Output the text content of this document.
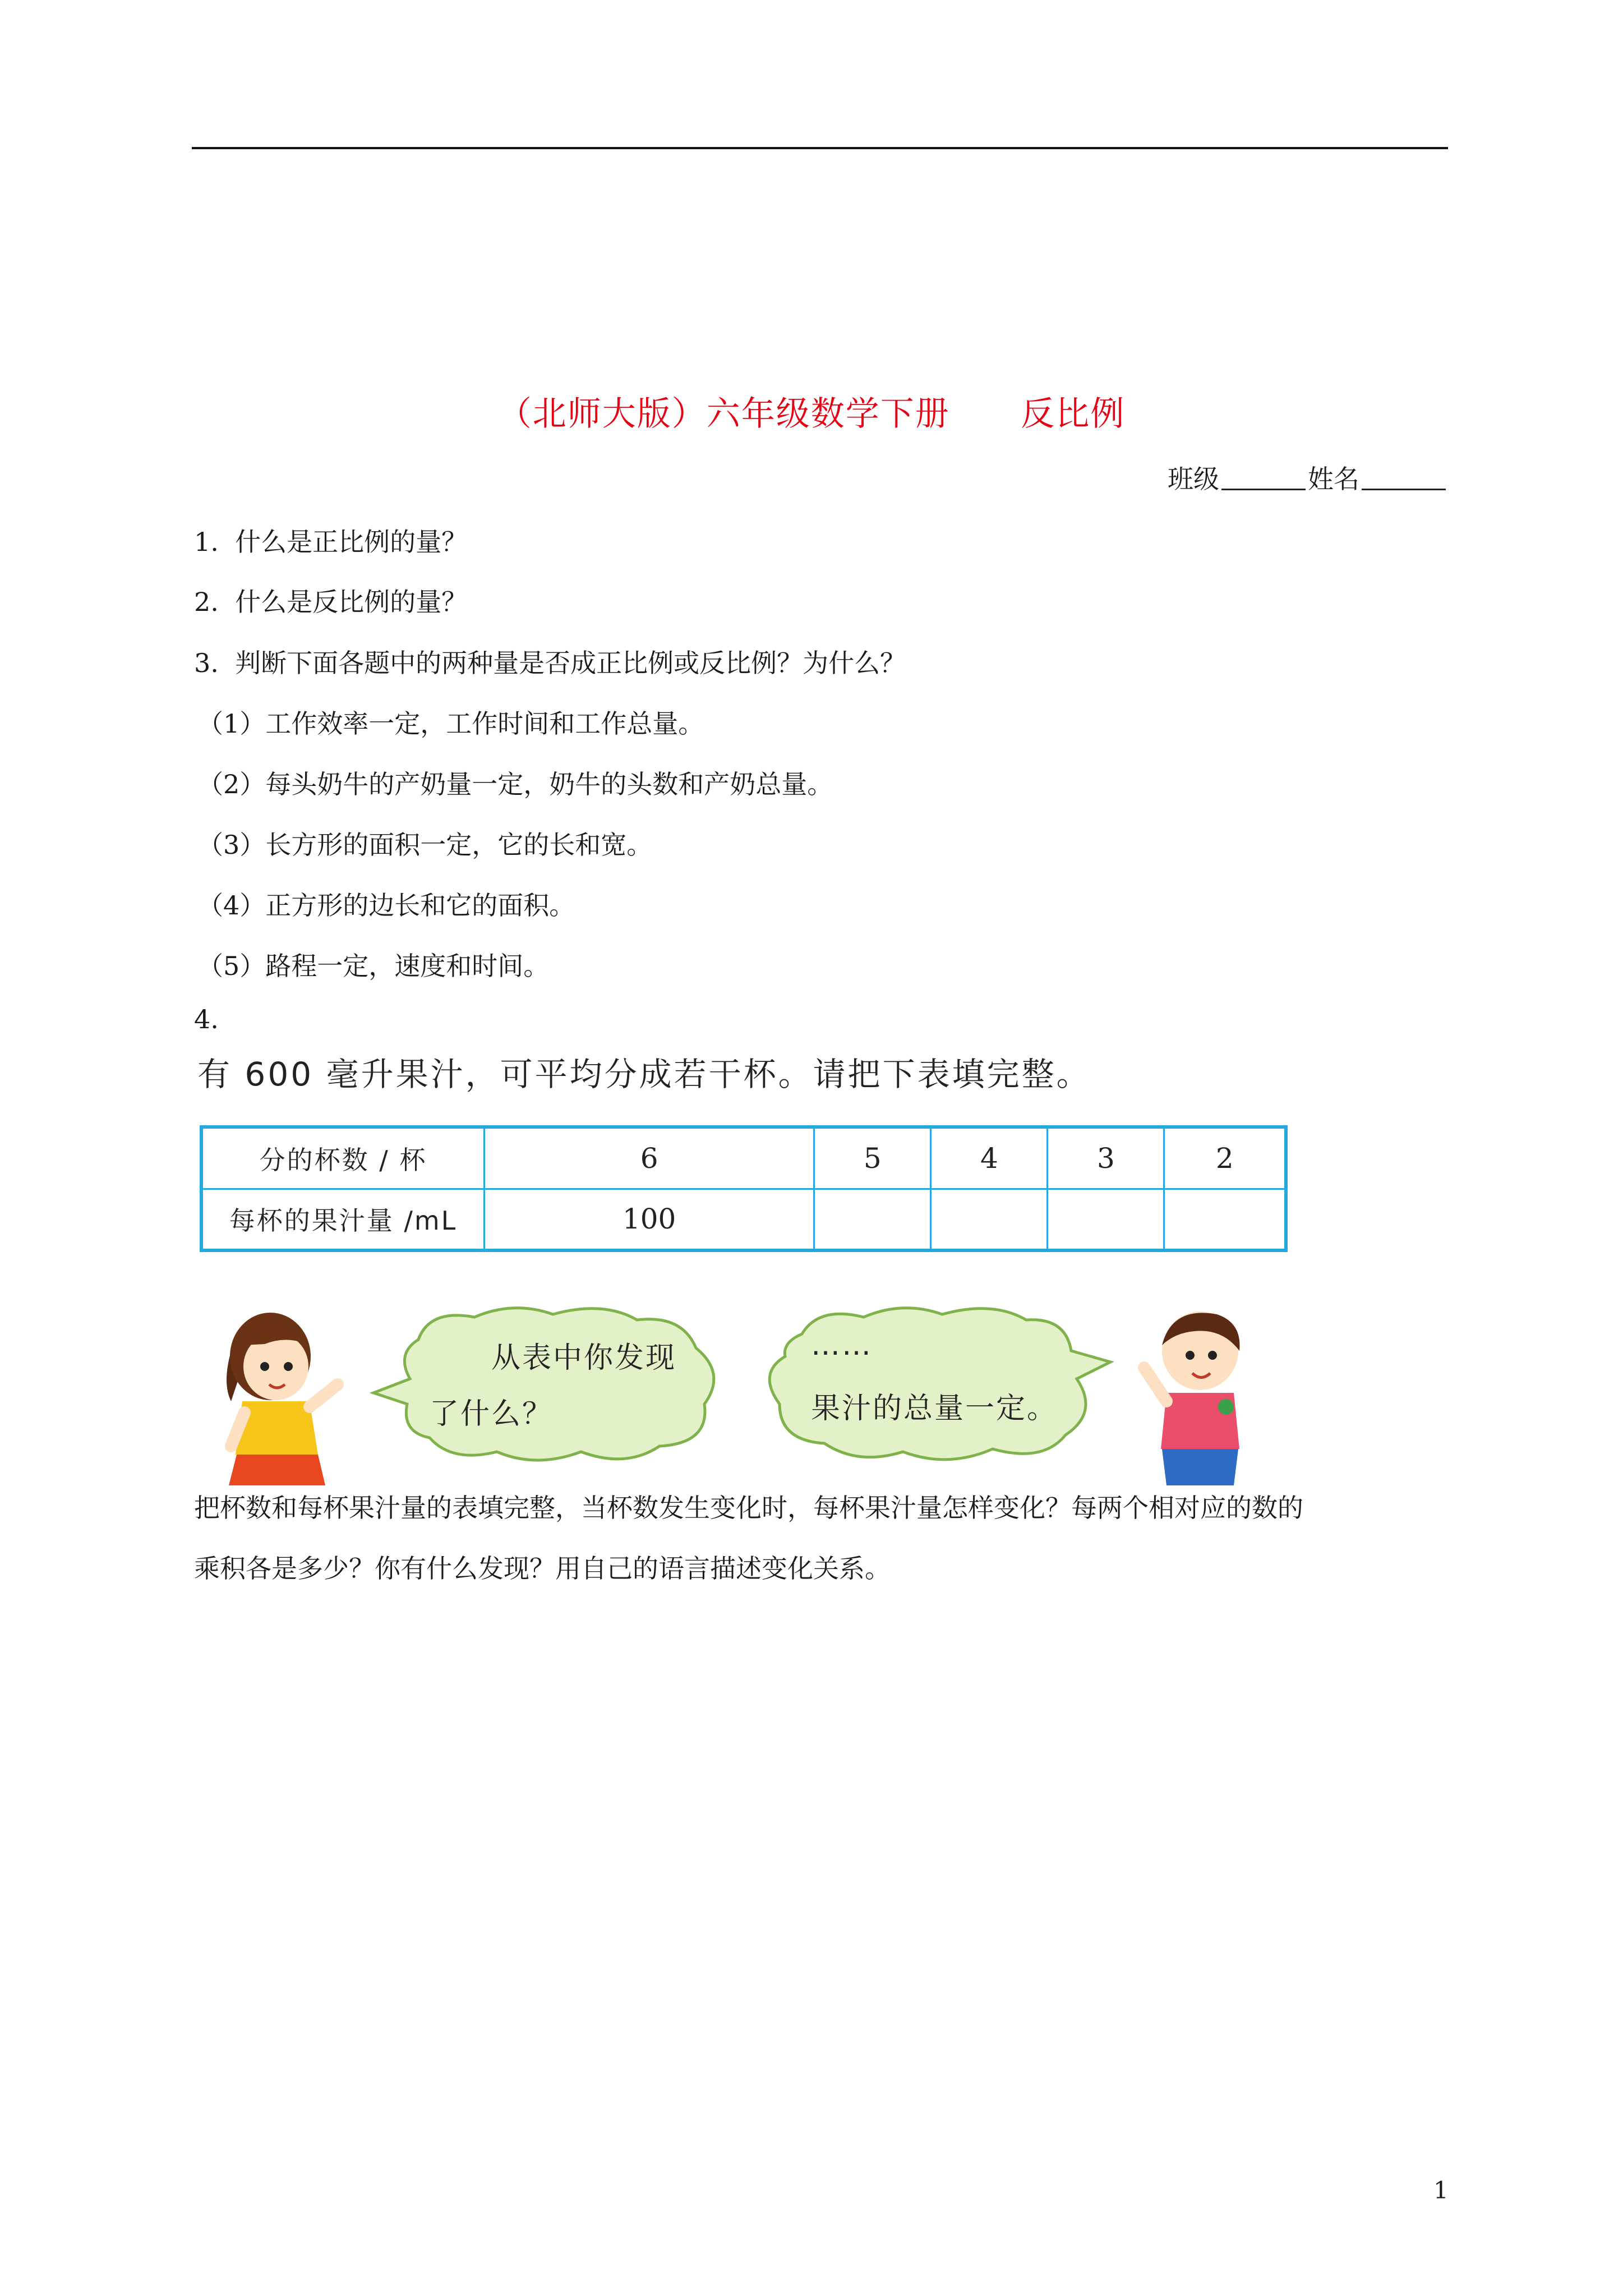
（北师大版）六年级数学下册      反比例
班级	姓名
1.  什么是正比例的量？
2.  什么是反比例的量？
3.  判断下面各题中的两种量是否成正比例或反比例？为什么？
（1）工作效率一定，工作时间和工作总量。
（2）每头奶牛的产奶量一定，奶牛的头数和产奶总量。
（3）长方形的面积一定，它的长和宽。
（4）正方形的边长和它的面积。
（5）路程一定，速度和时间。
4.
有 600 毫升果汁，可平均分成若干杯。请把下表填完整。
分的杯数 / 杯	6	5	4	3	2
每杯的果汁量 /mL	100				
从表中你发现
了什么？
……
果汁的总量一定。
把杯数和每杯果汁量的表填完整，当杯数发生变化时，每杯果汁量怎样变化？每两个相对应的数的
乘积各是多少？你有什么发现？用自己的语言描述变化关系。
1
